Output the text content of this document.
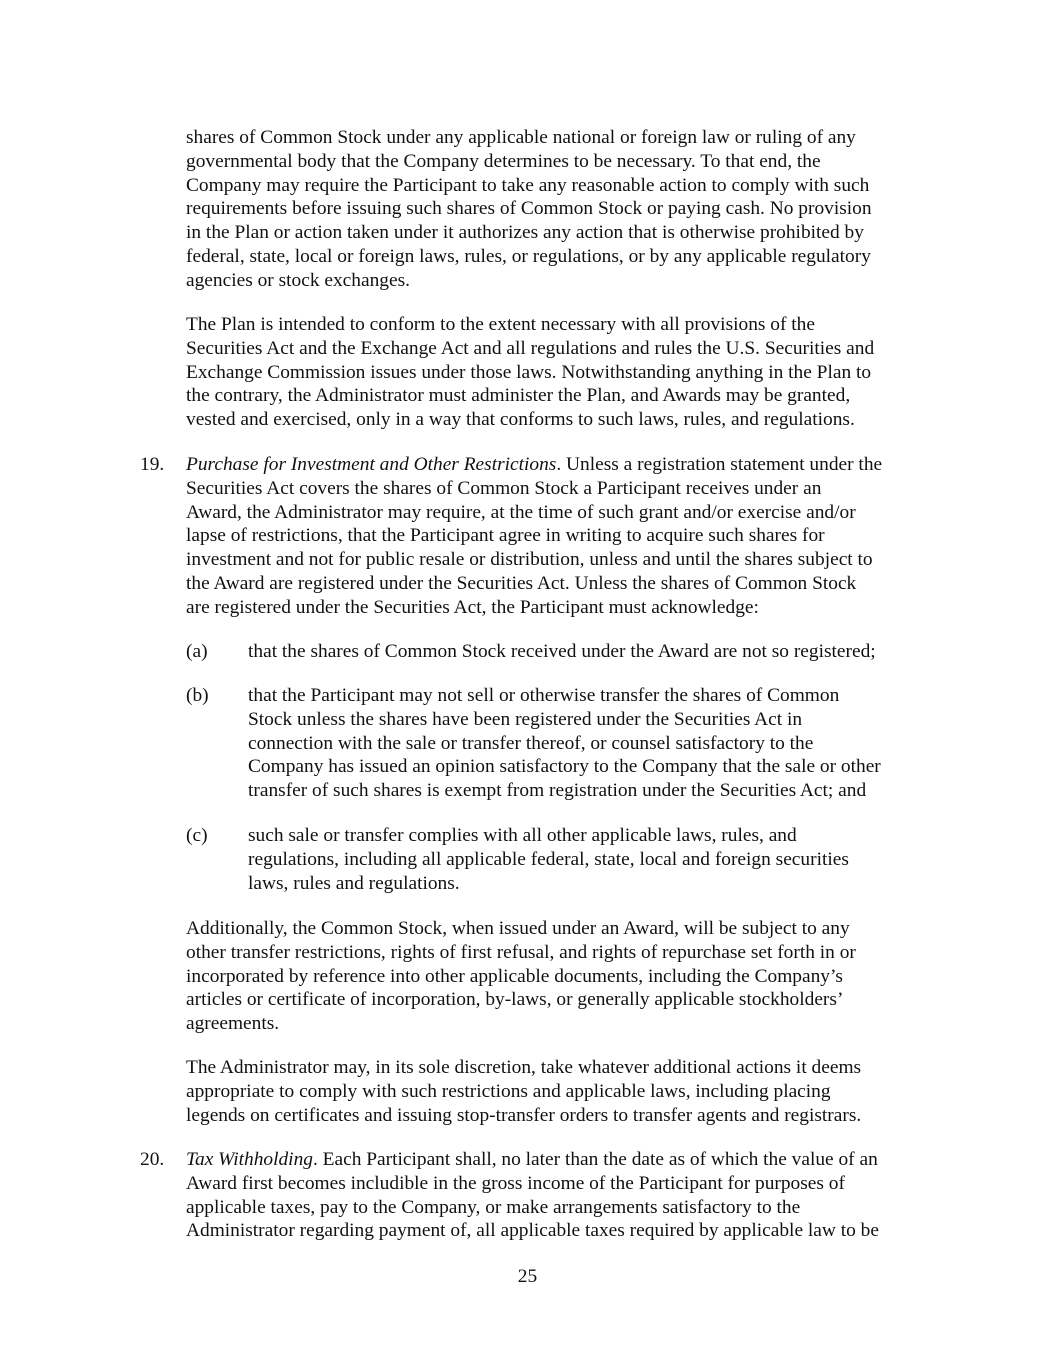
shares of Common Stock under any applicable national or foreign law or ruling of any
governmental body that the Company determines to be necessary. To that end, the
Company may require the Participant to take any reasonable action to comply with such
requirements before issuing such shares of Common Stock or paying cash. No provision
in the Plan or action taken under it authorizes any action that is otherwise prohibited by
federal, state, local or foreign laws, rules, or regulations, or by any applicable regulatory
agencies or stock exchanges.
The Plan is intended to conform to the extent necessary with all provisions of the
Securities Act and the Exchange Act and all regulations and rules the U.S. Securities and
Exchange Commission issues under those laws. Notwithstanding anything in the Plan to
the contrary, the Administrator must administer the Plan, and Awards may be granted,
vested and exercised, only in a way that conforms to such laws, rules, and regulations.

19. Purchase for Investment and Other Restrictions. Unless a registration statement under the
Securities Act covers the shares of Common Stock a Participant receives under an
Award, the Administrator may require, at the time of such grant and/or exercise and/or
lapse of restrictions, that the Participant agree in writing to acquire such shares for
investment and not for public resale or distribution, unless and until the shares subject to
the Award are registered under the Securities Act. Unless the shares of Common Stock
are registered under the Securities Act, the Participant must acknowledge:

(a) that the shares of Common Stock received under the Award are not so registered;

(b) that the Participant may not sell or otherwise transfer the shares of Common
Stock unless the shares have been registered under the Securities Act in
connection with the sale or transfer thereof, or counsel satisfactory to the
Company has issued an opinion satisfactory to the Company that the sale or other
transfer of such shares is exempt from registration under the Securities Act; and

(c) such sale or transfer complies with all other applicable laws, rules, and
regulations, including all applicable federal, state, local and foreign securities
laws, rules and regulations.
Additionally, the Common Stock, when issued under an Award, will be subject to any
other transfer restrictions, rights of first refusal, and rights of repurchase set forth in or
incorporated by reference into other applicable documents, including the Company’s
articles or certificate of incorporation, by-laws, or generally applicable stockholders’
agreements.
The Administrator may, in its sole discretion, take whatever additional actions it deems
appropriate to comply with such restrictions and applicable laws, including placing
legends on certificates and issuing stop-transfer orders to transfer agents and registrars.

20. Tax Withholding. Each Participant shall, no later than the date as of which the value of an
Award first becomes includible in the gross income of the Participant for purposes of
applicable taxes, pay to the Company, or make arrangements satisfactory to the
Administrator regarding payment of, all applicable taxes required by applicable law to be

25
